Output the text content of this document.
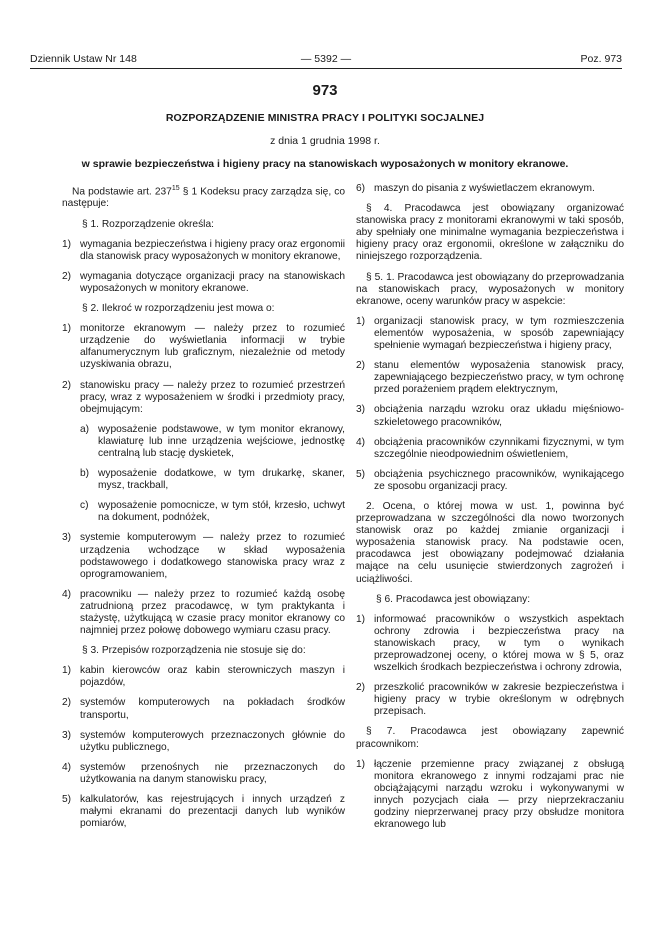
Dziennik Ustaw Nr 148	— 5392 —	Poz. 973
973
ROZPORZĄDZENIE MINISTRA PRACY I POLITYKI SOCJALNEJ
z dnia 1 grudnia 1998 r.
w sprawie bezpieczeństwa i higieny pracy na stanowiskach wyposażonych w monitory ekranowe.

Na podstawie art. $237^{15}$ § 1 Kodeksu pracy zarządza się, co następuje:

§ 1. Rozporządzenie określa:

1) wymagania bezpieczeństwa i higieny pracy oraz ergonomii dla stanowisk pracy wyposażonych w monitory ekranowe,
2) wymagania dotyczące organizacji pracy na stanowiskach wyposażonych w monitory ekranowe.

§ 2. Ilekroć w rozporządzeniu jest mowa o:

1) monitorze ekranowym — należy przez to rozumieć urządzenie do wyświetlania informacji w trybie alfanumerycznym lub graficznym, niezależnie od metody uzyskiwania obrazu,
2) stanowisku pracy — należy przez to rozumieć przestrzeń pracy, wraz z wyposażeniem w środki i przedmioty pracy, obejmującym:
a) wyposażenie podstawowe, w tym monitor ekranowy, klawiaturę lub inne urządzenia wejściowe, jednostkę centralną lub stację dyskietek,
b) wyposażenie dodatkowe, w tym drukarkę, skaner, mysz, trackball,
c) wyposażenie pomocnicze, w tym stół, krzesło, uchwyt na dokument, podnóżek,
3) systemie komputerowym — należy przez to rozumieć urządzenia wchodzące w skład wyposażenia podstawowego i dodatkowego stanowiska pracy wraz z oprogramowaniem,
4) pracowniku — należy przez to rozumieć każdą osobę zatrudnioną przez pracodawcę, w tym praktykanta i stażystę, użytkującą w czasie pracy monitor ekranowy co najmniej przez połowę dobowego wymiaru czasu pracy.

§ 3. Przepisów rozporządzenia nie stosuje się do:

1) kabin kierowców oraz kabin sterowniczych maszyn i pojazdów,
2) systemów komputerowych na pokładach środków transportu,
3) systemów komputerowych przeznaczonych głównie do użytku publicznego,
4) systemów przenośnych nie przeznaczonych do użytkowania na danym stanowisku pracy,
5) kalkulatorów, kas rejestrujących i innych urządzeń z małymi ekranami do prezentacji danych lub wyników pomiarów,
6) maszyn do pisania z wyświetlaczem ekranowym.

§ 4. Pracodawca jest obowiązany organizować stanowiska pracy z monitorami ekranowymi w taki sposób, aby spełniały one minimalne wymagania bezpieczeństwa i higieny pracy oraz ergonomii, określone w załączniku do niniejszego rozporządzenia.

§ 5. 1. Pracodawca jest obowiązany do przeprowadzania na stanowiskach pracy, wyposażonych w monitory ekranowe, oceny warunków pracy w aspekcie:

1) organizacji stanowisk pracy, w tym rozmieszczenia elementów wyposażenia, w sposób zapewniający spełnienie wymagań bezpieczeństwa i higieny pracy,
2) stanu elementów wyposażenia stanowisk pracy, zapewniającego bezpieczeństwo pracy, w tym ochronę przed porażeniem prądem elektrycznym,
3) obciążenia narządu wzroku oraz układu mięśniowo-szkieletowego pracowników,
4) obciążenia pracowników czynnikami fizycznymi, w tym szczególnie nieodpowiednim oświetleniem,
5) obciążenia psychicznego pracowników, wynikającego ze sposobu organizacji pracy.

2. Ocena, o której mowa w ust. 1, powinna być przeprowadzana w szczególności dla nowo tworzonych stanowisk oraz po każdej zmianie organizacji i wyposażenia stanowisk pracy. Na podstawie ocen, pracodawca jest obowiązany podejmować działania mające na celu usunięcie stwierdzonych zagrożeń i uciążliwości.

§ 6. Pracodawca jest obowiązany:

1) informować pracowników o wszystkich aspektach ochrony zdrowia i bezpieczeństwa pracy na stanowiskach pracy, w tym o wynikach przeprowadzonej oceny, o której mowa w § 5, oraz wszelkich środkach bezpieczeństwa i ochrony zdrowia,
2) przeszkolić pracowników w zakresie bezpieczeństwa i higieny pracy w trybie określonym w odrębnych przepisach.

§ 7. Pracodawca jest obowiązany zapewnić pracownikom:

1) łączenie przemienne pracy związanej z obsługą monitora ekranowego z innymi rodzajami prac nie obciążającymi narządu wzroku i wykonywanymi w innych pozycjach ciała — przy nieprzekraczaniu godziny nieprzerwanej pracy przy obsłudze monitora ekranowego lub
